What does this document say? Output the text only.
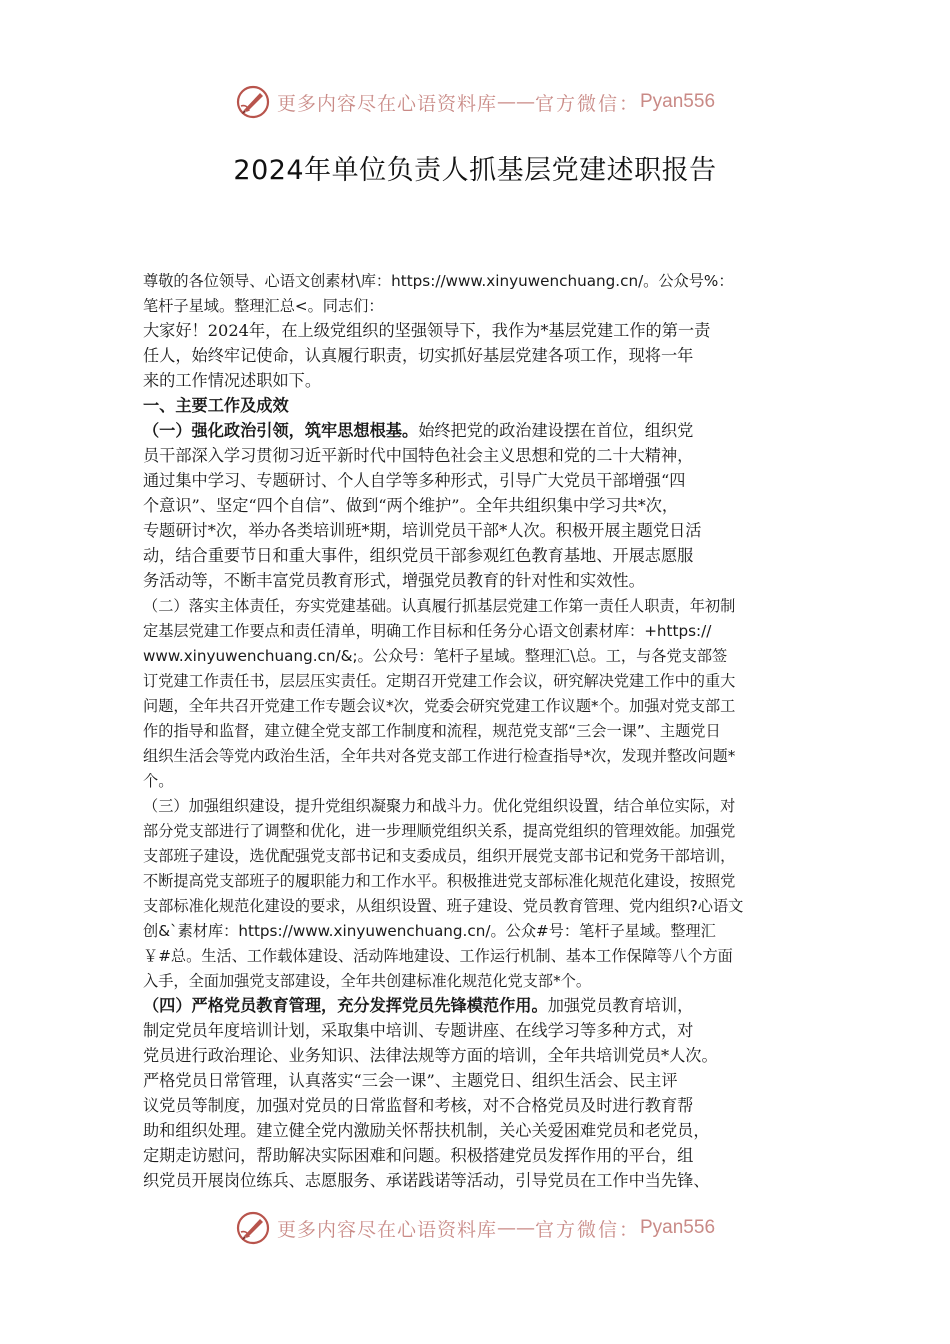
更多内容尽在心语资料库 —— 官方微信： Pyan556
2024年单位负责人抓基层党建述职报告
尊敬的各位领导、心语文创素材\库：https://www.xinyuwenchuang.cn/。公众号%：
笔杆子星域。整理汇总<。同志们：
大家好！2024年，在上级党组织的坚强领导下，我作为*基层党建工作的第一责
任人，始终牢记使命，认真履行职责，切实抓好基层党建各项工作，现将一年
来的工作情况述职如下。
一、主要工作及成效
（一）强化政治引领，筑牢思想根基。始终把党的政治建设摆在首位，组织党
员干部深入学习贯彻习近平新时代中国特色社会主义思想和党的二十大精神，
通过集中学习、专题研讨、个人自学等多种形式，引导广大党员干部增强“四
个意识”、坚定“四个自信”、做到“两个维护”。全年共组织集中学习共*次，
专题研讨*次，举办各类培训班*期，培训党员干部*人次。积极开展主题党日活
动，结合重要节日和重大事件，组织党员干部参观红色教育基地、开展志愿服
务活动等，不断丰富党员教育形式，增强党员教育的针对性和实效性。
（二）落实主体责任，夯实党建基础。认真履行抓基层党建工作第一责任人职责，年初制
定基层党建工作要点和责任清单，明确工作目标和任务分心语文创素材库：+https://
www.xinyuwenchuang.cn/&;。公众号：笔杆子星域。整理汇\总。工，与各党支部签
订党建工作责任书，层层压实责任。定期召开党建工作会议，研究解决党建工作中的重大
问题，全年共召开党建工作专题会议*次，党委会研究党建工作议题*个。加强对党支部工
作的指导和监督，建立健全党支部工作制度和流程，规范党支部“三会一课”、主题党日
组织生活会等党内政治生活，全年共对各党支部工作进行检查指导*次，发现并整改问题*
个。
（三）加强组织建设，提升党组织凝聚力和战斗力。优化党组织设置，结合单位实际，对
部分党支部进行了调整和优化，进一步理顺党组织关系，提高党组织的管理效能。加强党
支部班子建设，选优配强党支部书记和支委成员，组织开展党支部书记和党务干部培训，
不断提高党支部班子的履职能力和工作水平。积极推进党支部标准化规范化建设，按照党
支部标准化规范化建设的要求，从组织设置、班子建设、党员教育管理、党内组织?心语文
创&`素材库：https://www.xinyuwenchuang.cn/。公众#号：笔杆子星域。整理汇
￥#总。生活、工作载体建设、活动阵地建设、工作运行机制、基本工作保障等八个方面
入手，全面加强党支部建设，全年共创建标准化规范化党支部*个。
（四）严格党员教育管理，充分发挥党员先锋模范作用。加强党员教育培训，
制定党员年度培训计划，采取集中培训、专题讲座、在线学习等多种方式，对
党员进行政治理论、业务知识、法律法规等方面的培训，全年共培训党员*人次。
严格党员日常管理，认真落实“三会一课”、主题党日、组织生活会、民主评
议党员等制度，加强对党员的日常监督和考核，对不合格党员及时进行教育帮
助和组织处理。建立健全党内激励关怀帮扶机制，关心关爱困难党员和老党员，
定期走访慰问，帮助解决实际困难和问题。积极搭建党员发挥作用的平台，组
织党员开展岗位练兵、志愿服务、承诺践诺等活动，引导党员在工作中当先锋、
更多内容尽在心语资料库 —— 官方微信： Pyan556
